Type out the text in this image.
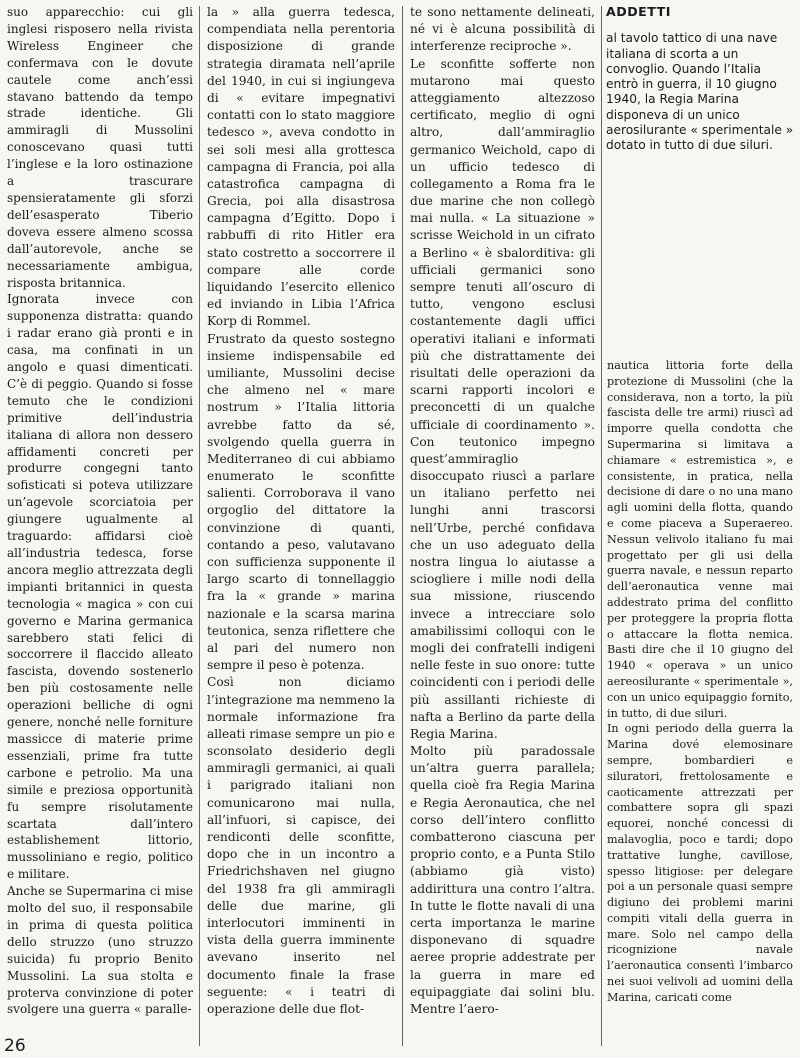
suo apparecchio: cui gli inglesi risposero nella rivista Wireless Engineer che confermava con le dovute cautele come anch’essi stavano battendo da tempo strade identiche. Gli ammiragli di Mussolini conoscevano quasi tutti l’inglese e la loro ostinazione a trascurare spensieratamente gli sforzi dell’esasperato Tiberio doveva essere almeno scossa dall’autorevole, anche se necessariamente ambigua, risposta britannica.

Ignorata invece con supponenza distratta: quando i radar erano già pronti e in casa, ma confinati in un angolo e quasi dimenticati. C’è di peggio. Quando si fosse temuto che le condizioni primitive dell’industria italiana di allora non dessero affidamenti concreti per produrre congegni tanto sofisticati si poteva utilizzare un’agevole scorciatoia per giungere ugualmente al traguardo: affidarsi cioè all’industria tedesca, forse ancora meglio attrezzata degli impianti britannici in questa tecnologia « magica » con cui governo e Marina germanica sarebbero stati felici di soccorrere il flaccido alleato fascista, dovendo sostenerlo ben più costosamente nelle operazioni belliche di ogni genere, nonché nelle forniture massicce di materie prime essenziali, prime fra tutte carbone e petrolio. Ma una simile e preziosa opportunità fu sempre risolutamente scartata dall’intero establishement littorio, mussoliniano e regio, politico e militare.

Anche se Supermarina ci mise molto del suo, il responsabile in prima di questa politica dello struzzo (uno struzzo suicida) fu proprio Benito Mussolini. La sua stolta e proterva convinzione di poter svolgere una guerra « paralle-

la » alla guerra tedesca, compendiata nella perentoria disposizione di grande strategia diramata nell’aprile del 1940, in cui si ingiungeva di « evitare impegnativi contatti con lo stato maggiore tedesco », aveva condotto in sei soli mesi alla grottesca campagna di Francia, poi alla catastrofica campagna di Grecia, poi alla disastrosa campagna d’Egitto. Dopo i rabbuffi di rito Hitler era stato costretto a soccorrere il compare alle corde liquidando l’esercito ellenico ed inviando in Libia l’Africa Korp di Rommel.

Frustrato da questo sostegno insieme indispensabile ed umiliante, Mussolini decise che almeno nel « mare nostrum » l’Italia littoria avrebbe fatto da sé, svolgendo quella guerra in Mediterraneo di cui abbiamo enumerato le sconfitte salienti. Corroborava il vano orgoglio del dittatore la convinzione di quanti, contando a peso, valutavano con sufficienza supponente il largo scarto di tonnellaggio fra la « grande » marina nazionale e la scarsa marina teutonica, senza riflettere che al pari del numero non sempre il peso è potenza.

Così non diciamo l’integrazione ma nemmeno la normale informazione fra alleati rimase sempre un pio e sconsolato desiderio degli ammiragli germanici, ai quali i parigrado italiani non comunicarono mai nulla, all’infuori, si capisce, dei rendiconti delle sconfitte, dopo che in un incontro a Friedrichshaven nel giugno del 1938 fra gli ammiragli delle due marine, gli interlocutori imminenti in vista della guerra imminente avevano inserito nel documento finale la frase seguente: « i teatri di operazione delle due flot-

te sono nettamente delineati, né vi è alcuna possibilità di interferenze reciproche ».

Le sconfitte sofferte non mutarono mai questo atteggiamento altezzoso certificato, meglio di ogni altro, dall’ammiraglio germanico Weichold, capo di un ufficio tedesco di collegamento a Roma fra le due marine che non collegò mai nulla. « La situazione » scrisse Weichold in un cifrato a Berlino « è sbalorditiva: gli ufficiali germanici sono sempre tenuti all’oscuro di tutto, vengono esclusi costantemente dagli uffici operativi italiani e informati più che distrattamente dei risultati delle operazioni da scarni rapporti incolori e preconcetti di un qualche ufficiale di coordinamento ». Con teutonico impegno quest’ammiraglio disoccupato riuscì a parlare un italiano perfetto nei lunghi anni trascorsi nell’Urbe, perché confidava che un uso adeguato della nostra lingua lo aiutasse a sciogliere i mille nodi della sua missione, riuscendo invece a intrecciare solo amabilissimi colloqui con le mogli dei confratelli indigeni nelle feste in suo onore: tutte coincidenti con i periodi delle più assillanti richieste di nafta a Berlino da parte della Regia Marina.

Molto più paradossale un’altra guerra parallela; quella cioè fra Regia Marina e Regia Aeronautica, che nel corso dell’intero conflitto combatterono ciascuna per proprio conto, e a Punta Stilo (abbiamo già visto) addirittura una contro l’altra. In tutte le flotte navali di una certa importanza le marine disponevano di squadre aeree proprie addestrate per la guerra in mare ed equipaggiate dai solini blu. Mentre l’aero-

ADDETTI

al tavolo tattico di una nave italiana di scorta a un convoglio. Quando l’Italia entrò in guerra, il 10 giugno 1940, la Regia Marina disponeva di un unico aerosilurante « sperimentale » dotato in tutto di due siluri.

nautica littoria forte della protezione di Mussolini (che la considerava, non a torto, la più fascista delle tre armi) riuscì ad imporre quella condotta che Supermarina si limitava a chiamare « estremistica », e consistente, in pratica, nella decisione di dare o no una mano agli uomini della flotta, quando e come piaceva a Superaereo. Nessun velivolo italiano fu mai progettato per gli usi della guerra navale, e nessun reparto dell’aeronautica venne mai addestrato prima del conflitto per proteggere la propria flotta o attaccare la flotta nemica. Basti dire che il 10 giugno del 1940 « operava » un unico aereosilurante « sperimentale », con un unico equipaggio fornito, in tutto, di due siluri.

In ogni periodo della guerra la Marina dové elemosinare sempre, bombardieri e siluratori, frettolosamente e caoticamente attrezzati per combattere sopra gli spazi equorei, nonché concessi di malavoglia, poco e tardi; dopo trattative lunghe, cavillose, spesso litigiose: per delegare poi a un personale quasi sempre digiuno dei problemi marini compiti vitali della guerra in mare. Solo nel campo della ricognizione navale l’aeronautica consentì l’imbarco nei suoi velivoli ad uomini della Marina, caricati come

26
